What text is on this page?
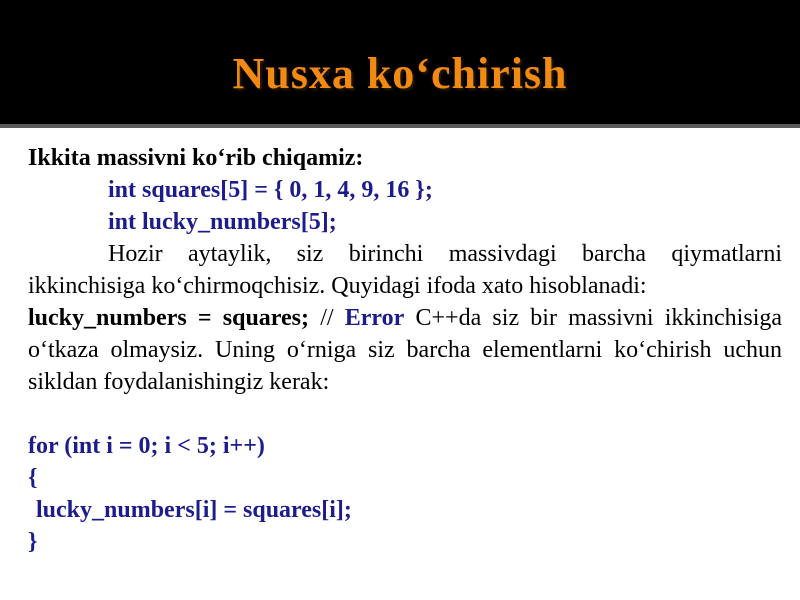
Nusxa ko‘chirish
Ikkita massivni ko‘rib chiqamiz:
int squares[5] = { 0, 1, 4, 9, 16 };
int lucky_numbers[5];
Hozir aytaylik, siz birinchi massivdagi barcha qiymatlarni ikkinchisiga ko‘chirmoqchisiz. Quyidagi ifoda xato hisoblanadi:
lucky_numbers = squares; // Error C++da siz bir massivni ikkinchisiga o‘tkaza olmaysiz. Uning o‘rniga siz barcha elementlarni ko‘chirish uchun sikldan foydalanishingiz kerak:
for (int i = 0; i < 5; i++)
{
lucky_numbers[i] = squares[i];
}
